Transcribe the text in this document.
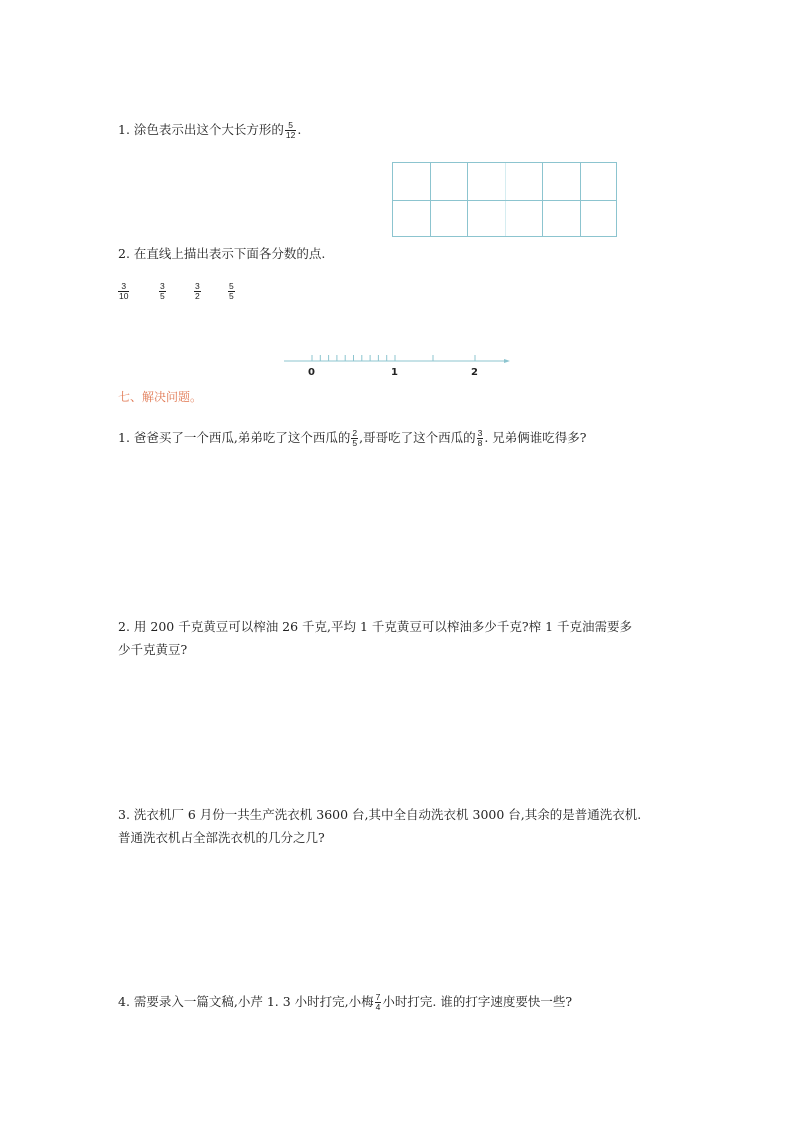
1. 涂色表示出这个大长方形的 $\frac{5}{12}$ .
2. 在直线上描出表示下面各分数的点.
$\frac{3}{10}$	$\frac{3}{5}$	$\frac{3}{2}$	$\frac{5}{5}$
0	1	2
七、解决问题。
1. 爸爸买了一个西瓜,弟弟吃了这个西瓜的 $\frac{2}{5}$ ,哥哥吃了这个西瓜的 $\frac{3}{8}$ . 兄弟俩谁吃得多?
2. 用 200 千克黄豆可以榨油 26 千克,平均 1 千克黄豆可以榨油多少千克?榨 1 千克油需要多
少千克黄豆?
3. 洗衣机厂 6 月份一共生产洗衣机 3600 台,其中全自动洗衣机 3000 台,其余的是普通洗衣机.
普通洗衣机占全部洗衣机的几分之几?
4. 需要录入一篇文稿,小芹 1. 3 小时打完,小梅 $\frac{7}{4}$ 小时打完. 谁的打字速度要快一些?
